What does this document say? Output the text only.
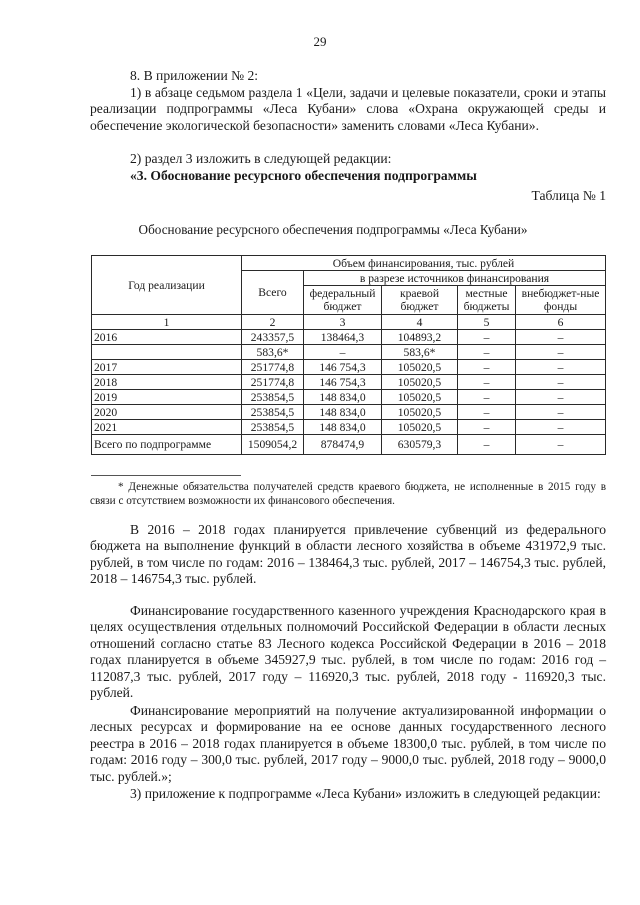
29

8. В приложении № 2:

1) в абзаце седьмом раздела 1 «Цели, задачи и целевые показатели, сроки и этапы реализации подпрограммы «Леса Кубани» слова «Охрана окружающей среды и обеспечение экологической безопасности» заменить словами «Леса Кубани».

2) раздел 3 изложить в следующей редакции:

«3. Обоснование ресурсного обеспечения подпрограммы

Таблица № 1
Обоснование ресурсного обеспечения подпрограммы «Леса Кубани»
Год реализации	Объем финансирования, тыс. рублей				
	Всего	в разрезе источников финансирования			
		федеральный бюджет	краевой бюджет	местные бюджеты	внебюджет-ные фонды
1	2	3	4	5	6
2016	243357,5	138464,3	104893,2	–	–
	583,6*	–	583,6*	–	–
2017	251774,8	146 754,3	105020,5	–	–
2018	251774,8	146 754,3	105020,5	–	–
2019	253854,5	148 834,0	105020,5	–	–
2020	253854,5	148 834,0	105020,5	–	–
2021	253854,5	148 834,0	105020,5	–	–
Всего по подпрограмме	1509054,2	878474,9	630579,3	–	–

* Денежные обязательства получателей средств краевого бюджета, не исполненные в 2015 году в связи с отсутствием возможности их финансового обеспечения.

В 2016 – 2018 годах планируется привлечение субвенций из федерального бюджета на выполнение функций в области лесного хозяйства в объеме 431972,9 тыс. рублей, в том числе по годам: 2016 – 138464,3 тыс. рублей, 2017 – 146754,3 тыс. рублей, 2018 – 146754,3 тыс. рублей.

Финансирование государственного казенного учреждения Краснодарского края в целях осуществления отдельных полномочий Российской Федерации в области лесных отношений согласно статье 83 Лесного кодекса Российской Федерации в 2016 – 2018 годах планируется в объеме 345927,9 тыс. рублей, в том числе по годам: 2016 год – 112087,3 тыс. рублей, 2017 году – 116920,3 тыс. рублей, 2018 году - 116920,3 тыс. рублей.

Финансирование мероприятий на получение актуализированной информации о лесных ресурсах и формирование на ее основе данных государственного лесного реестра в 2016 – 2018 годах планируется в объеме 18300,0 тыс. рублей, в том числе по годам: 2016 году – 300,0 тыс. рублей, 2017 году – 9000,0 тыс. рублей, 2018 году – 9000,0 тыс. рублей.»;

3) приложение к подпрограмме «Леса Кубани» изложить в следующей редакции:
